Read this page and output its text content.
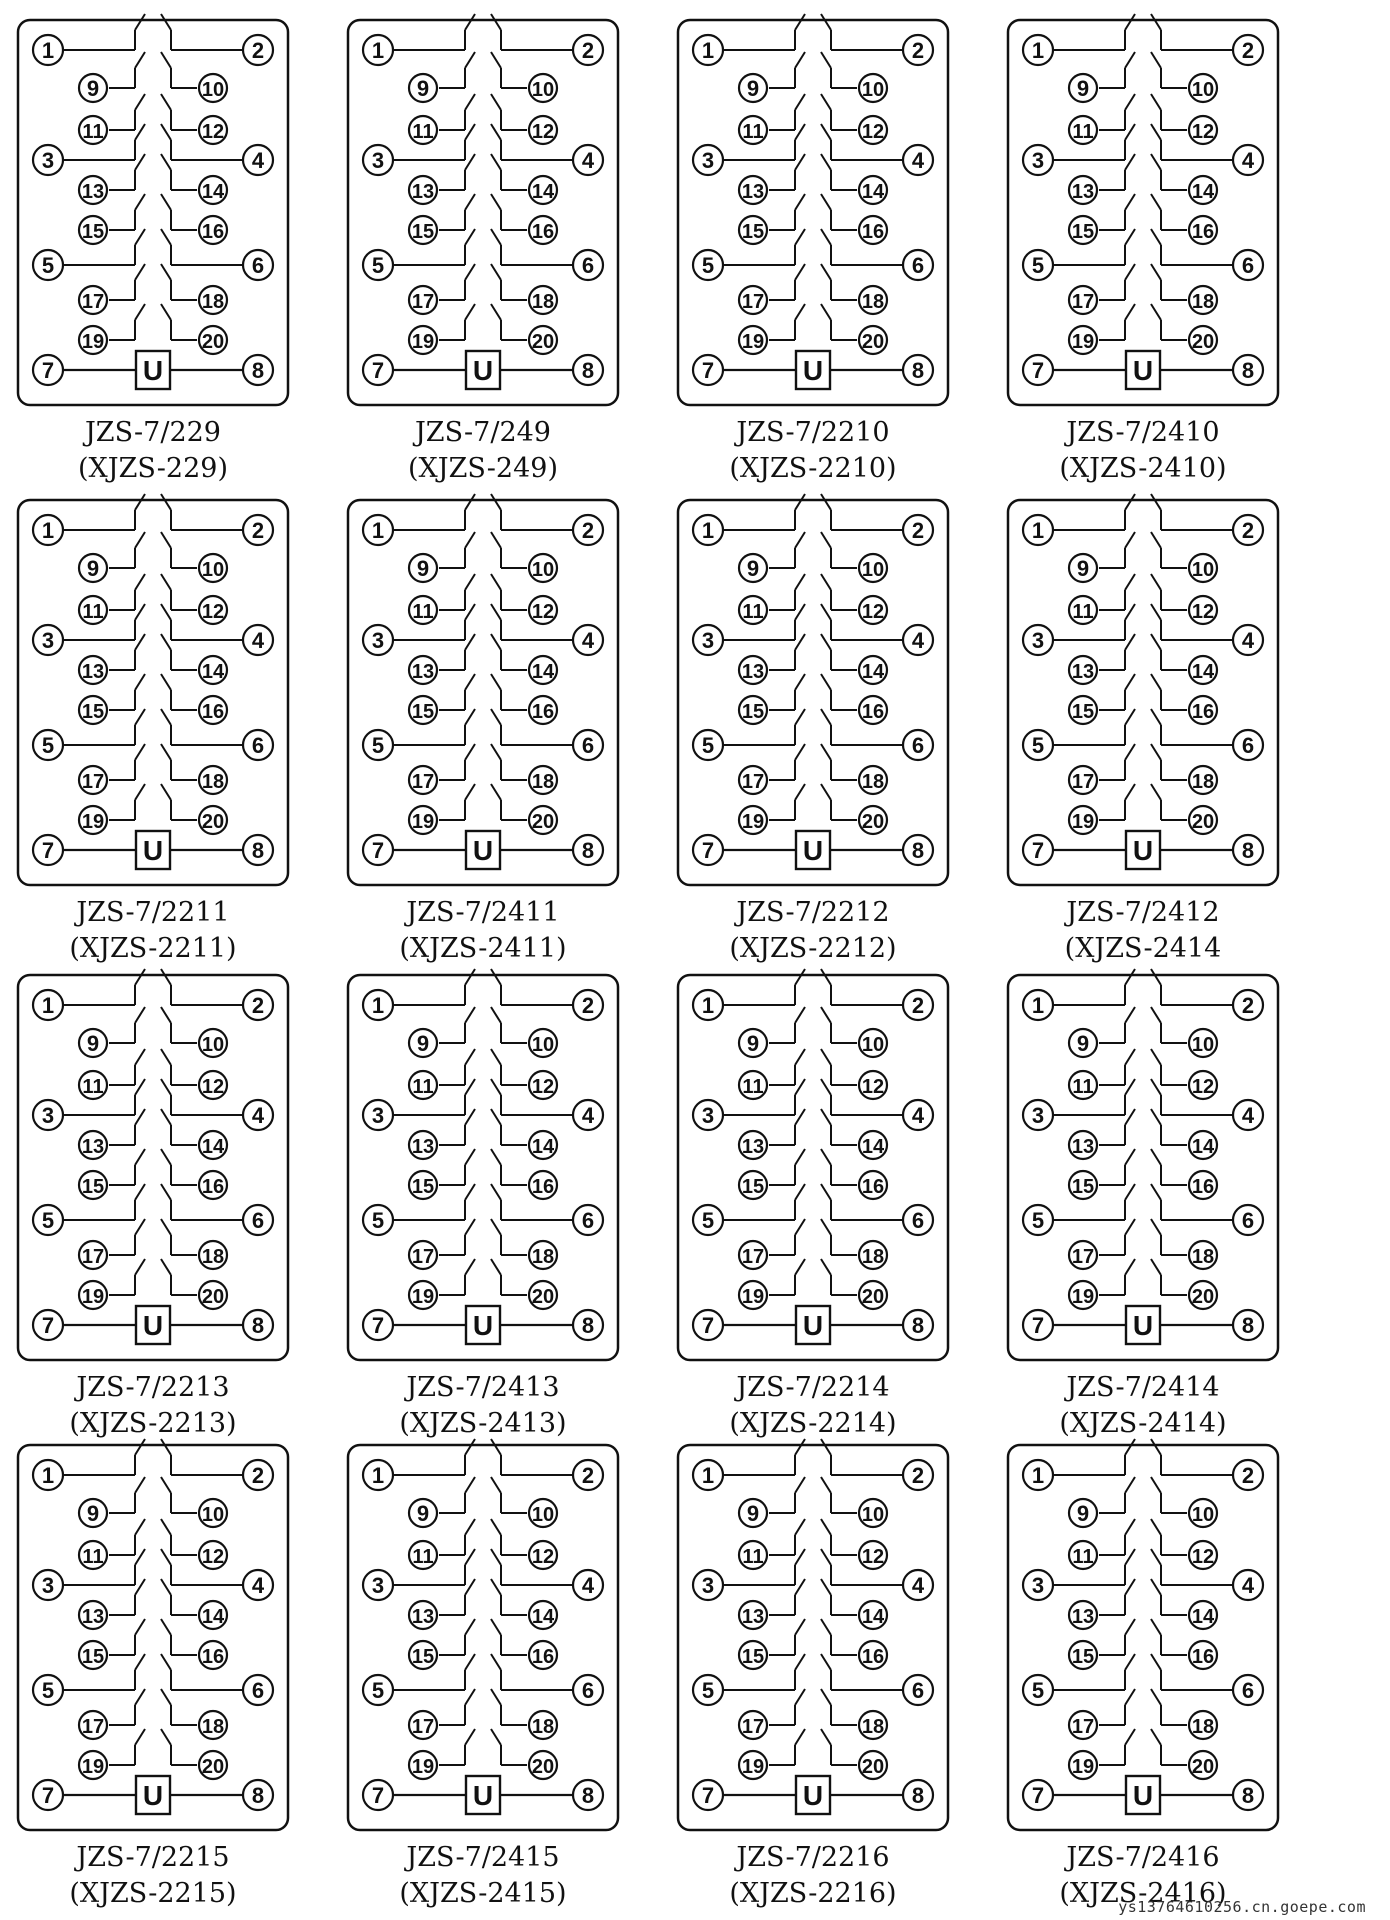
1	2
9	10
11	12
3	4
13	14
15	16
5	6
17	18
19	20
U
7	8
1	2
9	10
11	12
3	4
13	14
15	16
5	6
17	18
19	20
U
7	8
1	2
9	10
11	12
3	4
13	14
15	16
5	6
17	18
19	20
U
7	8
1	2
9	10
11	12
3	4
13	14
15	16
5	6
17	18
19	20
U
7	8
1	2
9	10
11	12
3	4
13	14
15	16
5	6
17	18
19	20
U
7	8
1	2
9	10
11	12
3	4
13	14
15	16
5	6
17	18
19	20
U
7	8
1	2
9	10
11	12
3	4
13	14
15	16
5	6
17	18
19	20
U
7	8
1	2
9	10
11	12
3	4
13	14
15	16
5	6
17	18
19	20
U
7	8
1	2
9	10
11	12
3	4
13	14
15	16
5	6
17	18
19	20
U
7	8
1	2
9	10
11	12
3	4
13	14
15	16
5	6
17	18
19	20
U
7	8
1	2
9	10
11	12
3	4
13	14
15	16
5	6
17	18
19	20
U
7	8
1	2
9	10
11	12
3	4
13	14
15	16
5	6
17	18
19	20
U
7	8
1	2
9	10
11	12
3	4
13	14
15	16
5	6
17	18
19	20
U
7	8
1	2
9	10
11	12
3	4
13	14
15	16
5	6
17	18
19	20
U
7	8
1	2
9	10
11	12
3	4
13	14
15	16
5	6
17	18
19	20
U
7	8
1	2
9	10
11	12
3	4
13	14
15	16
5	6
17	18
19	20
U
7	8
JZS-7/229
(XJZS-229)
JZS-7/249
(XJZS-249)
JZS-7/2210
(XJZS-2210)
JZS-7/2410
(XJZS-2410)
JZS-7/2211
(XJZS-2211)
JZS-7/2411
(XJZS-2411)
JZS-7/2212
(XJZS-2212)
JZS-7/2412
(XJZS-2414
JZS-7/2213
(XJZS-2213)
JZS-7/2413
(XJZS-2413)
JZS-7/2214
(XJZS-2214)
JZS-7/2414
(XJZS-2414)
JZS-7/2215
(XJZS-2215)
JZS-7/2415
(XJZS-2415)
JZS-7/2216
(XJZS-2216)
JZS-7/2416
(XJZS-2416)
ys13764610256.cn.goepe.com
